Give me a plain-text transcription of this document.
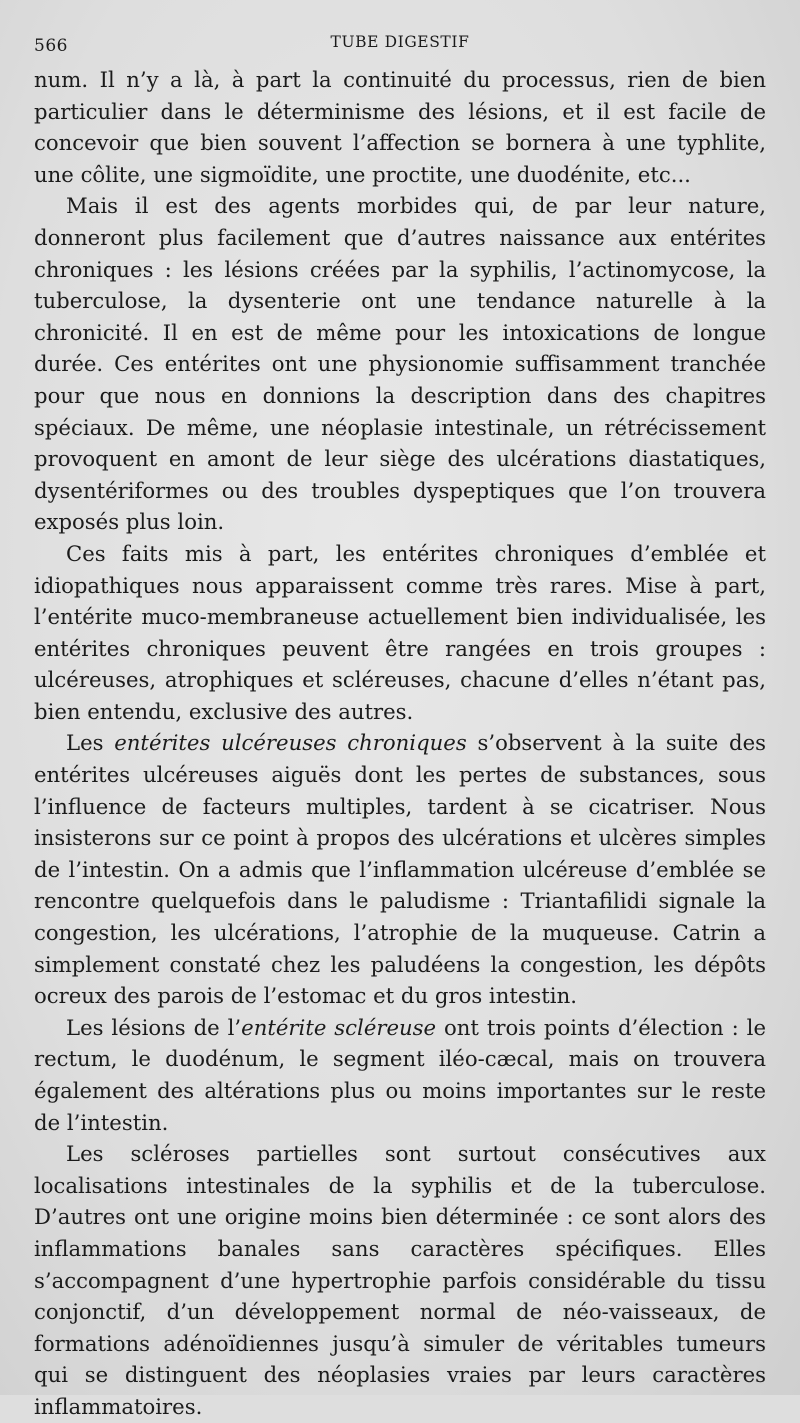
566	TUBE DIGESTIF

num. Il n’y a là, à part la continuité du processus, rien de bien particulier dans le déterminisme des lésions, et il est facile de concevoir que bien souvent l’affection se bornera à une typhlite, une côlite, une sigmoïdite, une proctite, une duodénite, etc...

Mais il est des agents morbides qui, de par leur nature, donneront plus facilement que d’autres naissance aux entérites chroniques : les lésions créées par la syphilis, l’actinomycose, la tuberculose, la dysenterie ont une tendance naturelle à la chronicité. Il en est de même pour les intoxications de longue durée. Ces entérites ont une physionomie suffisamment tranchée pour que nous en donnions la description dans des chapitres spéciaux. De même, une néoplasie intestinale, un rétrécissement provoquent en amont de leur siège des ulcérations diastatiques, dysentériformes ou des troubles dyspeptiques que l’on trouvera exposés plus loin.

Ces faits mis à part, les entérites chroniques d’emblée et idiopathiques nous apparaissent comme très rares. Mise à part, l’entérite muco-membraneuse actuellement bien individualisée, les entérites chroniques peuvent être rangées en trois groupes : ulcéreuses, atrophiques et scléreuses, chacune d’elles n’étant pas, bien entendu, exclusive des autres.

Les entérites ulcéreuses chroniques s’observent à la suite des entérites ulcéreuses aiguës dont les pertes de substances, sous l’influence de facteurs multiples, tardent à se cicatriser. Nous insisterons sur ce point à propos des ulcérations et ulcères simples de l’intestin. On a admis que l’inflammation ulcéreuse d’emblée se rencontre quelquefois dans le paludisme : Triantafilidi signale la congestion, les ulcérations, l’atrophie de la muqueuse. Catrin a simplement constaté chez les paludéens la congestion, les dépôts ocreux des parois de l’estomac et du gros intestin.

Les lésions de l’entérite scléreuse ont trois points d’élection : le rectum, le duodénum, le segment iléo-cæcal, mais on trouvera également des altérations plus ou moins importantes sur le reste de l’intestin.

Les scléroses partielles sont surtout consécutives aux localisations intestinales de la syphilis et de la tuberculose. D’autres ont une origine moins bien déterminée : ce sont alors des inflammations banales sans caractères spécifiques. Elles s’accompagnent d’une hypertrophie parfois considérable du tissu conjonctif, d’un développement normal de néo-vaisseaux, de formations adénoïdiennes jusqu’à simuler de véritables tumeurs qui se distinguent des néoplasies vraies par leurs caractères inflammatoires.
